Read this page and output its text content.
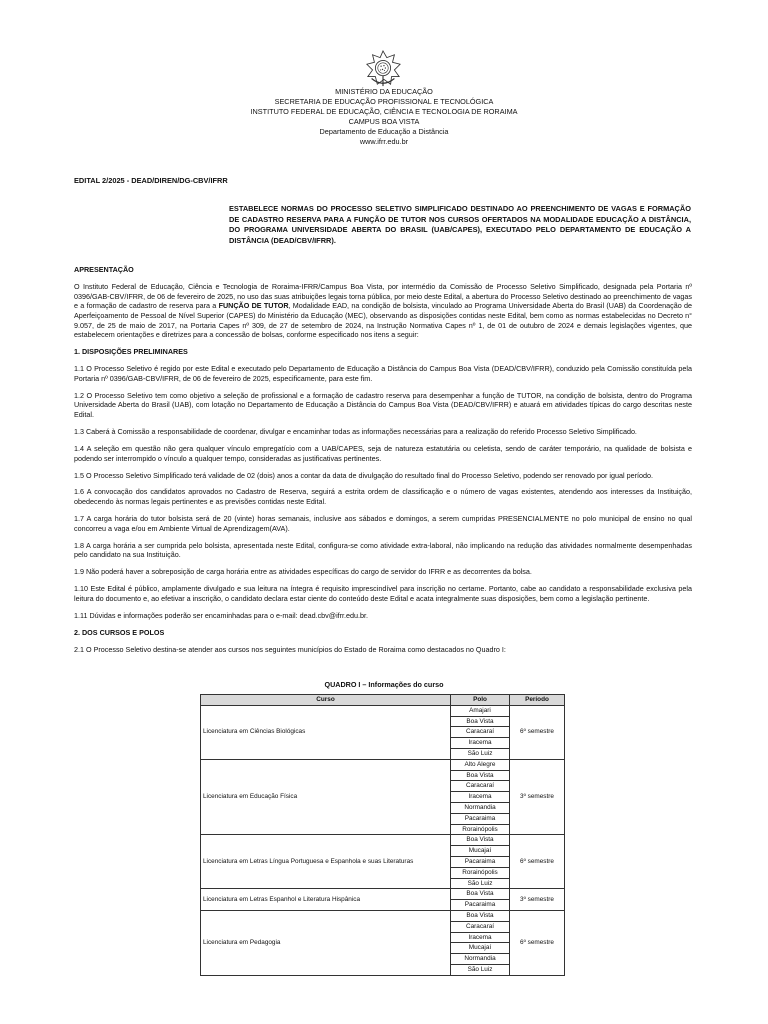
MINISTÉRIO DA EDUCAÇÃO
SECRETARIA DE EDUCAÇÃO PROFISSIONAL E TECNOLÓGICA
INSTITUTO FEDERAL DE EDUCAÇÃO, CIÊNCIA E TECNOLOGIA DE RORAIMA
CAMPUS BOA VISTA
Departamento de Educação a Distância
www.ifrr.edu.br
EDITAL 2/2025 - DEAD/DIREN/DG-CBV/IFRR
ESTABELECE NORMAS DO PROCESSO SELETIVO SIMPLIFICADO DESTINADO AO PREENCHIMENTO DE VAGAS E FORMAÇÃO DE CADASTRO RESERVA PARA A FUNÇÃO DE TUTOR NOS CURSOS OFERTADOS NA MODALIDADE EDUCAÇÃO A DISTÂNCIA, DO PROGRAMA UNIVERSIDADE ABERTA DO BRASIL (UAB/CAPES), EXECUTADO PELO DEPARTAMENTO DE EDUCAÇÃO A DISTÂNCIA (DEAD/CBV/IFRR).
APRESENTAÇÃO

O Instituto Federal de Educação, Ciência e Tecnologia de Roraima-IFRR/Campus Boa Vista, por intermédio da Comissão de Processo Seletivo Simplificado, designada pela Portaria nº 0396/GAB-CBV/IFRR, de 06 de fevereiro de 2025, no uso das suas atribuições legais torna pública, por meio deste Edital, a abertura do Processo Seletivo destinado ao preenchimento de vagas e a formação de cadastro de reserva para a FUNÇÃO DE TUTOR, Modalidade EAD, na condição de bolsista, vinculado ao Programa Universidade Aberta do Brasil (UAB) da Coordenação de Aperfeiçoamento de Pessoal de Nível Superior (CAPES) do Ministério da Educação (MEC), observando as disposições contidas neste Edital, bem como as normas estabelecidas no Decreto n° 9.057, de 25 de maio de 2017, na Portaria Capes nº 309, de 27 de setembro de 2024, na Instrução Normativa Capes nº 1, de 01 de outubro de 2024 e demais legislações vigentes, que estabelecem orientações e diretrizes para a concessão de bolsas, conforme especificado nos itens a seguir:

1. DISPOSIÇÕES PRELIMINARES

1.1 O Processo Seletivo é regido por este Edital e executado pelo Departamento de Educação a Distância do Campus Boa Vista (DEAD/CBV/IFRR), conduzido pela Comissão constituída pela Portaria nº 0396/GAB-CBV/IFRR, de 06 de fevereiro de 2025, especificamente, para este fim.

1.2 O Processo Seletivo tem como objetivo a seleção de profissional e a formação de cadastro reserva para desempenhar a função de TUTOR, na condição de bolsista, dentro do Programa Universidade Aberta do Brasil (UAB), com lotação no Departamento de Educação a Distância do Campus Boa Vista (DEAD/CBV/IFRR) e atuará em atividades típicas do cargo descritas neste Edital.

1.3 Caberá à Comissão a responsabilidade de coordenar, divulgar e encaminhar todas as informações necessárias para a realização do referido Processo Seletivo Simplificado.

1.4 A seleção em questão não gera qualquer vínculo empregatício com a UAB/CAPES, seja de natureza estatutária ou celetista, sendo de caráter temporário, na qualidade de bolsista e podendo ser interrompido o vínculo a qualquer tempo, consideradas as justificativas pertinentes.

1.5 O Processo Seletivo Simplificado terá validade de 02 (dois) anos a contar da data de divulgação do resultado final do Processo Seletivo, podendo ser renovado por igual período.

1.6 A convocação dos candidatos aprovados no Cadastro de Reserva, seguirá a estrita ordem de classificação e o número de vagas existentes, atendendo aos interesses da Instituição, obedecendo às normas legais pertinentes e as previsões contidas neste Edital.

1.7 A carga horária do tutor bolsista será de 20 (vinte) horas semanais, inclusive aos sábados e domingos, a serem cumpridas PRESENCIALMENTE no polo municipal de ensino no qual concorreu a vaga e/ou em Ambiente Virtual de Aprendizagem(AVA).

1.8 A carga horária a ser cumprida pelo bolsista, apresentada neste Edital, configura-se como atividade extra-laboral, não implicando na redução das atividades normalmente desempenhadas pelo candidato na sua Instituição.

1.9 Não poderá haver a sobreposição de carga horária entre as atividades específicas do cargo de servidor do IFRR e as decorrentes da bolsa.

1.10 Este Edital é público, amplamente divulgado e sua leitura na íntegra é requisito imprescindível para inscrição no certame. Portanto, cabe ao candidato a responsabilidade exclusiva pela leitura do documento e, ao efetivar a inscrição, o candidato declara estar ciente do conteúdo deste Edital e acata integralmente suas disposições, bem como a legislação pertinente.

1.11 Dúvidas e informações poderão ser encaminhadas para o e-mail: dead.cbv@ifrr.edu.br.

2. DOS CURSOS E POLOS

2.1 O Processo Seletivo destina-se atender aos cursos nos seguintes municípios do Estado de Roraima como destacados no Quadro I:

QUADRO I – Informações do curso
Curso	Polo	Período
Licenciatura em Ciências Biológicas	Amajari	6º semestre
	Boa Vista	
	Caracaraí	
	Iracema	
	São Luiz	
Licenciatura em Educação Física	Alto Alegre	3º semestre
	Boa Vista	
	Caracaraí	
	Iracema	
	Normandia	
	Pacaraima	
	Rorainópolis	
Licenciatura em Letras Língua Portuguesa e Espanhola e suas Literaturas	Boa Vista	6º semestre
	Mucajaí	
	Pacaraima	
	Rorainópolis	
	São Luiz	
Licenciatura em Letras Espanhol e Literatura Hispânica	Boa Vista	3º semestre
	Pacaraima	
Licenciatura em Pedagogia	Boa Vista	6º semestre
	Caracaraí	
	Iracema	
	Mucajaí	
	Normandia	
	São Luiz	
